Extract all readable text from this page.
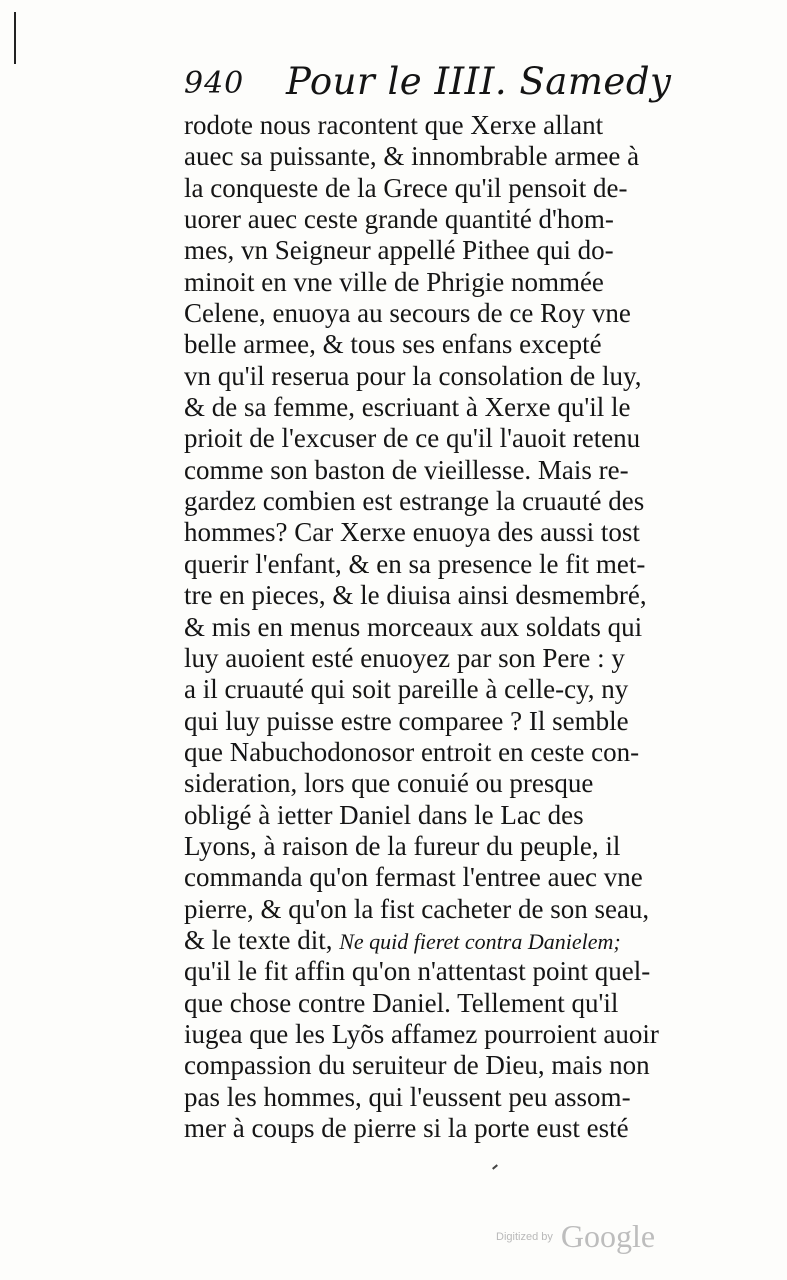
940 Pour le IIII. Samedy
rodote nous racontent que Xerxe allant
auec sa puissante, & innombrable armee à
la conqueste de la Grece qu'il pensoit de-
uorer auec ceste grande quantité d'hom-
mes, vn Seigneur appellé Pithee qui do-
minoit en vne ville de Phrigie nommée
Celene, enuoya au secours de ce Roy vne
belle armee, & tous ses enfans excepté
vn qu'il reserua pour la consolation de luy,
& de sa femme, escriuant à Xerxe qu'il le
prioit de l'excuser de ce qu'il l'auoit retenu
comme son baston de vieillesse. Mais re-
gardez combien est estrange la cruauté des
hommes? Car Xerxe enuoya des aussi tost
querir l'enfant, & en sa presence le fit met-
tre en pieces, & le diuisa ainsi desmembré,
& mis en menus morceaux aux soldats qui
luy auoient esté enuoyez par son Pere : y
a il cruauté qui soit pareille à celle-cy, ny
qui luy puisse estre comparee ? Il semble
que Nabuchodonosor entroit en ceste con-
sideration, lors que conuié ou presque
obligé à ietter Daniel dans le Lac des
Lyons, à raison de la fureur du peuple, il
commanda qu'on fermast l'entree auec vne
pierre, & qu'on la fist cacheter de son seau,
& le texte dit, Ne quid fieret contra Danielem;
qu'il le fit affin qu'on n'attentast point quel-
que chose contre Daniel. Tellement qu'il
iugea que les Lyõs affamez pourroient auoir
compassion du seruiteur de Dieu, mais non
pas les hommes, qui l'eussent peu assom-
mer à coups de pierre si la porte eust esté
Digitized by Google
